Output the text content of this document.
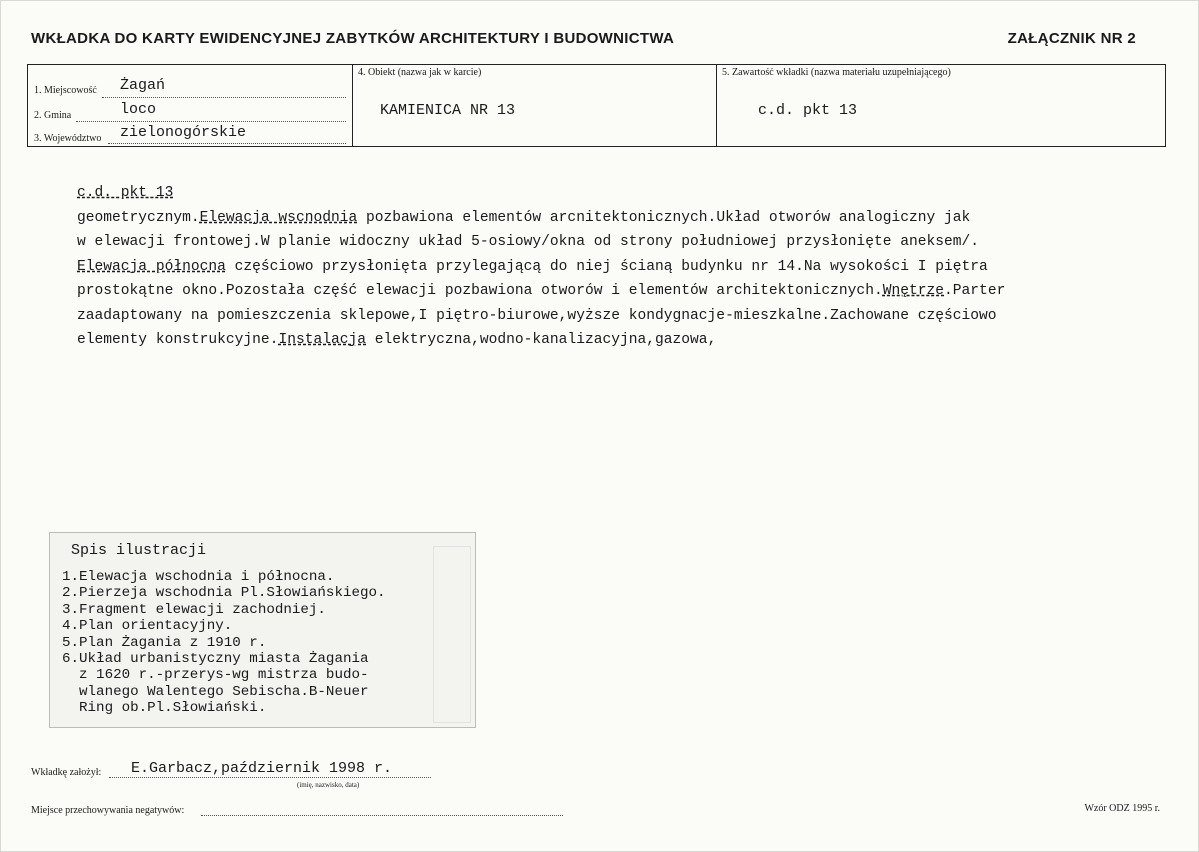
WKŁADKA DO KARTY EWIDENCYJNEJ ZABYTKÓW ARCHITEKTURY I BUDOWNICTWA	ZAŁĄCZNIK NR 2
1. Miejscowość Żagań
2. Gmina	loco
3. Województwo zielonogórskie
4. Obiekt (nazwa jak w karcie)
KAMIENICA NR 13
5. Zawartość wkładki (nazwa materiału uzupełniającego)
c.d. pkt 13
c.d. pkt 13
geometrycznym.Elewacja wscnodnia pozbawiona elementów arcnitektonicznych.Układ otworów analogiczny jak
w elewacji frontowej.W planie widoczny układ 5-osiowy/okna od strony południowej przysłonięte aneksem/.
Elewacja północna częściowo przysłonięta przylegającą do niej ścianą budynku nr 14.Na wysokości I piętra
prostokątne okno.Pozostała część elewacji pozbawiona otworów i elementów architektonicznych.Wnętrze.Parter
zaadaptowany na pomieszczenia sklepowe,I piętro-biurowe,wyższe kondygnacje-mieszkalne.Zachowane częściowo
elementy konstrukcyjne.Instalacja elektryczna,wodno-kanalizacyjna,gazowa,
Spis ilustracji
1.Elewacja wschodnia i północna.
2.Pierzeja wschodnia Pl.Słowiańskiego.
3.Fragment elewacji zachodniej.
4.Plan orientacyjny.
5.Plan Żagania z 1910 r.
6.Układ urbanistyczny miasta Żagania
z 1620 r.-przerys-wg mistrza budo-
wlanego Walentego Sebischa.B-Neuer
Ring ob.Pl.Słowiański.
Wkładkę założył: E.Garbacz,październik 1998 r.
(imię, nazwisko, data)
Miejsce przechowywania negatywów:	Wzór ODZ 1995 r.
